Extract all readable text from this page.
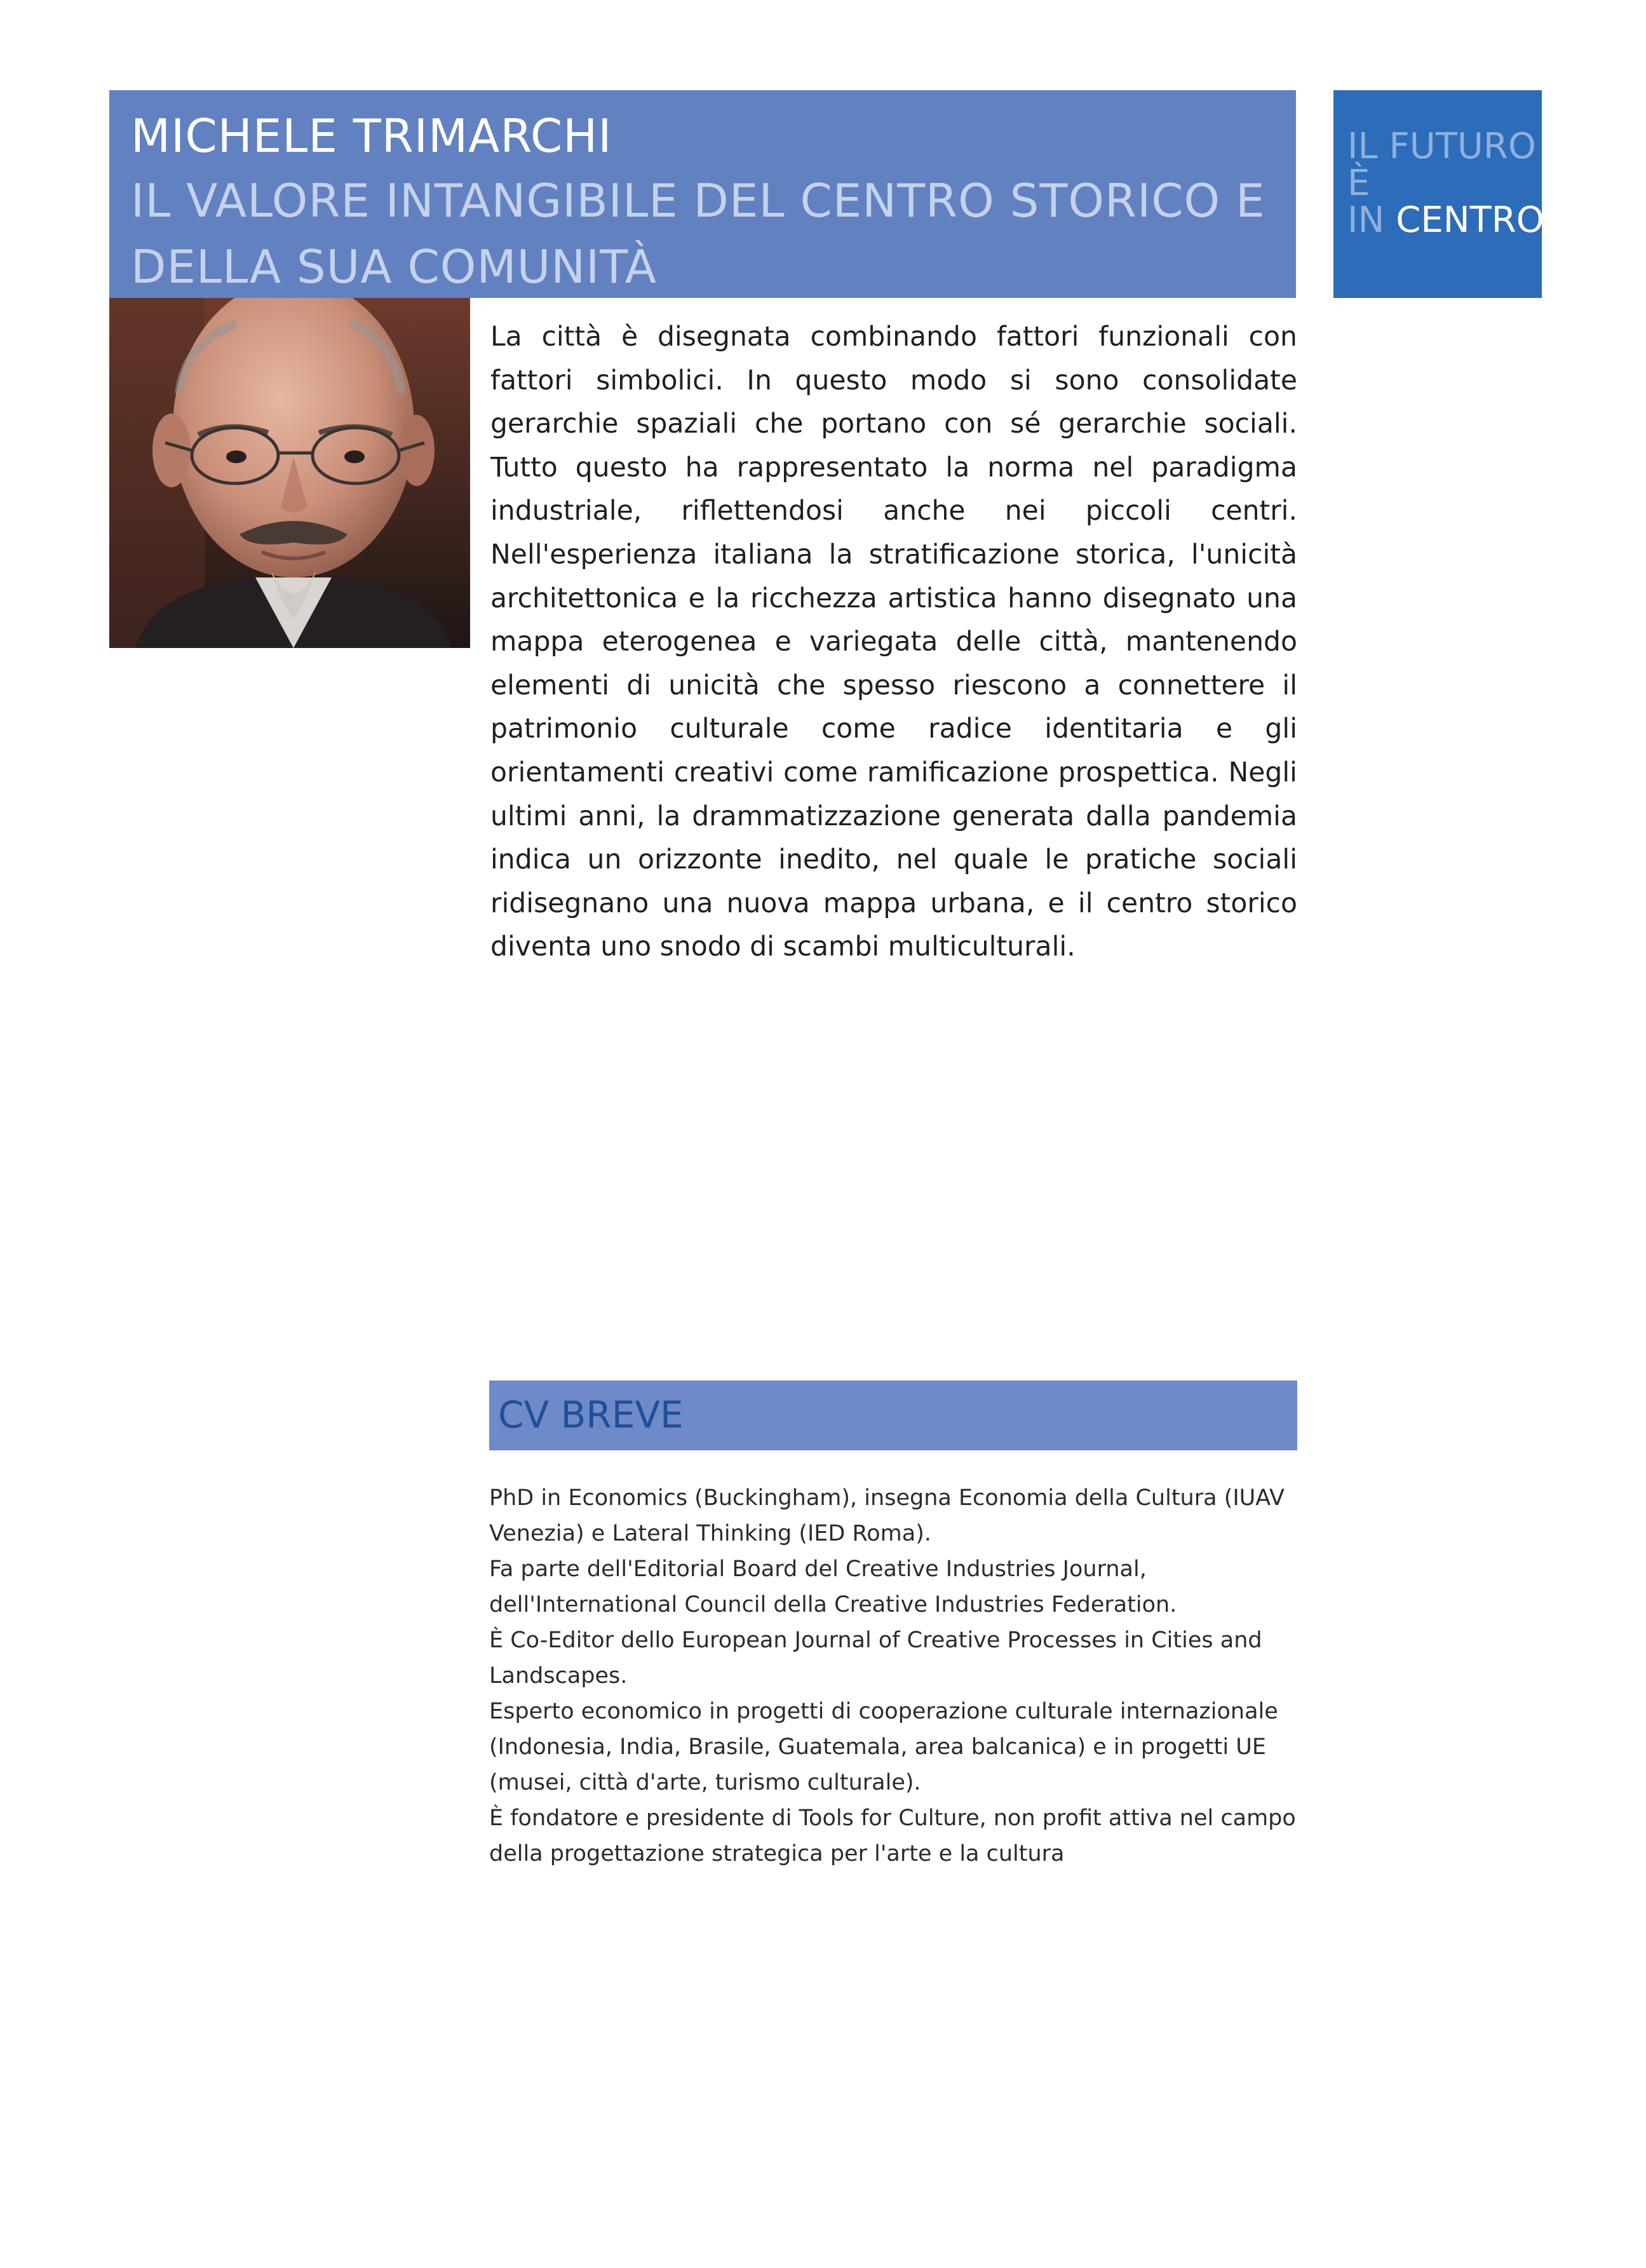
MICHELE TRIMARCHI
IL VALORE INTANGIBILE DEL CENTRO STORICO E DELLA SUA COMUNITÀ
IL FUTURO
È
IN CENTRO

La città è disegnata combinando fattori funzionali con fattori simbolici. In questo modo si sono consolidate gerarchie spaziali che portano con sé gerarchie sociali. Tutto questo ha rappresentato la norma nel paradigma industriale, riflettendosi anche nei piccoli centri. Nell'esperienza italiana la stratificazione storica, l'unicità architettonica e la ricchezza artistica hanno disegnato una mappa eterogenea e variegata delle città, mantenendo elementi di unicità che spesso riescono a connettere il patrimonio culturale come radice identitaria e gli orientamenti creativi come ramificazione prospettica. Negli ultimi anni, la drammatizzazione generata dalla pandemia indica un orizzonte inedito, nel quale le pratiche sociali ridisegnano una nuova mappa urbana, e il centro storico diventa uno snodo di scambi multiculturali.

CV BREVE

PhD in Economics (Buckingham), insegna Economia della Cultura (IUAV Venezia) e Lateral Thinking (IED Roma).

Fa parte dell'Editorial Board del Creative Industries Journal, dell'International Council della Creative Industries Federation.

È Co-Editor dello European Journal of Creative Processes in Cities and Landscapes.

Esperto economico in progetti di cooperazione culturale internazionale (Indonesia, India, Brasile, Guatemala, area balcanica) e in progetti UE (musei, città d'arte, turismo culturale).

È fondatore e presidente di Tools for Culture, non profit attiva nel campo della progettazione strategica per l'arte e la cultura
